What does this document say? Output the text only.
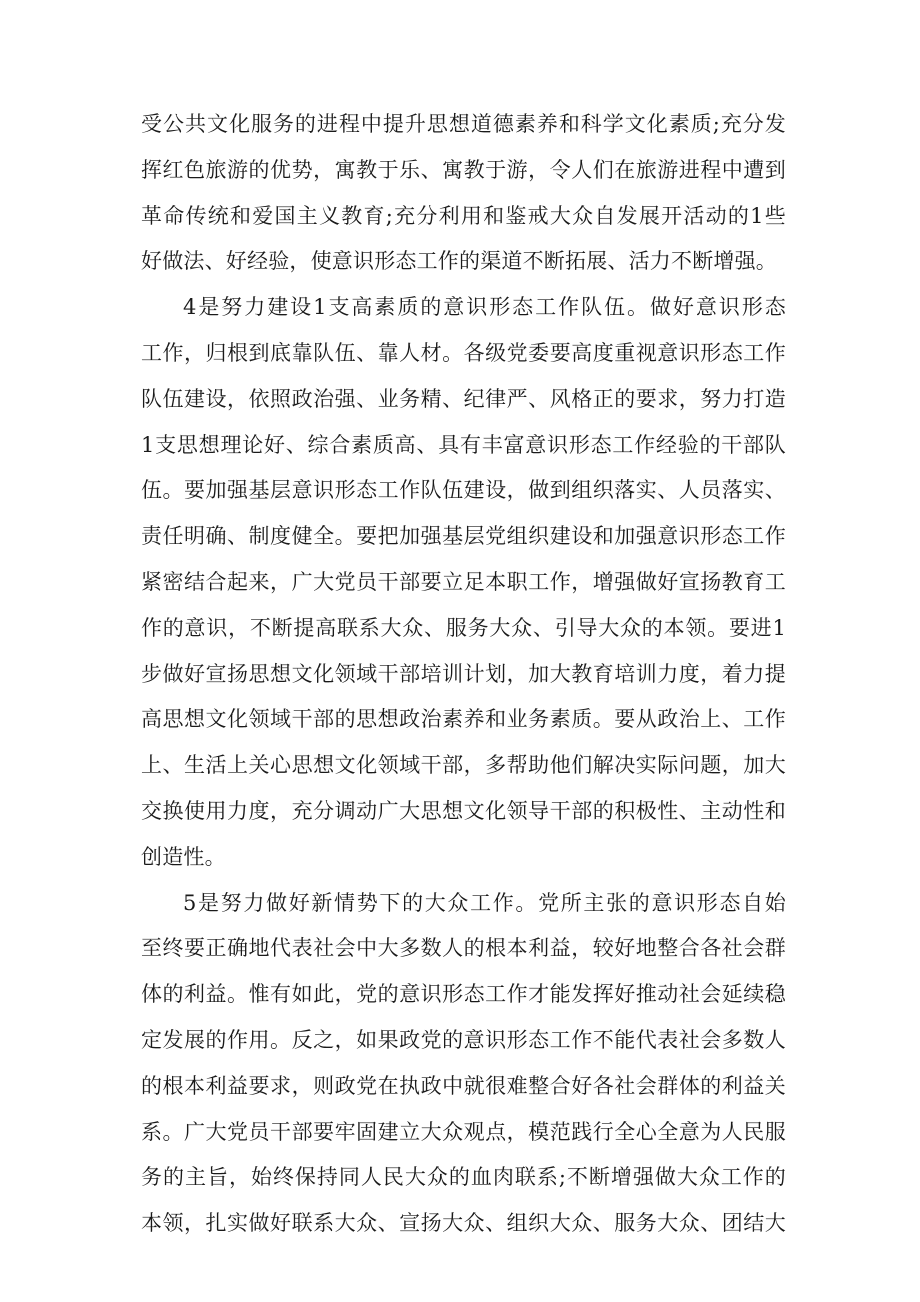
受公共文化服务的进程中提升思想道德素养和科学文化素质;充分发
挥红色旅游的优势，寓教于乐、寓教于游，令人们在旅游进程中遭到
革命传统和爱国主义教育;充分利用和鉴戒大众自发展开活动的1些
好做法、好经验，使意识形态工作的渠道不断拓展、活力不断增强。
4是努力建设1支高素质的意识形态工作队伍。做好意识形态
工作，归根到底靠队伍、靠人材。各级党委要高度重视意识形态工作
队伍建设，依照政治强、业务精、纪律严、风格正的要求，努力打造
1支思想理论好、综合素质高、具有丰富意识形态工作经验的干部队
伍。要加强基层意识形态工作队伍建设，做到组织落实、人员落实、
责任明确、制度健全。要把加强基层党组织建设和加强意识形态工作
紧密结合起来，广大党员干部要立足本职工作，增强做好宣扬教育工
作的意识，不断提高联系大众、服务大众、引导大众的本领。要进1
步做好宣扬思想文化领域干部培训计划，加大教育培训力度，着力提
高思想文化领域干部的思想政治素养和业务素质。要从政治上、工作
上、生活上关心思想文化领域干部，多帮助他们解决实际问题，加大
交换使用力度，充分调动广大思想文化领导干部的积极性、主动性和
创造性。
5是努力做好新情势下的大众工作。党所主张的意识形态自始
至终要正确地代表社会中大多数人的根本利益，较好地整合各社会群
体的利益。惟有如此，党的意识形态工作才能发挥好推动社会延续稳
定发展的作用。反之，如果政党的意识形态工作不能代表社会多数人
的根本利益要求，则政党在执政中就很难整合好各社会群体的利益关
系。广大党员干部要牢固建立大众观点，模范践行全心全意为人民服
务的主旨，始终保持同人民大众的血肉联系;不断增强做大众工作的
本领，扎实做好联系大众、宣扬大众、组织大众、服务大众、团结大
